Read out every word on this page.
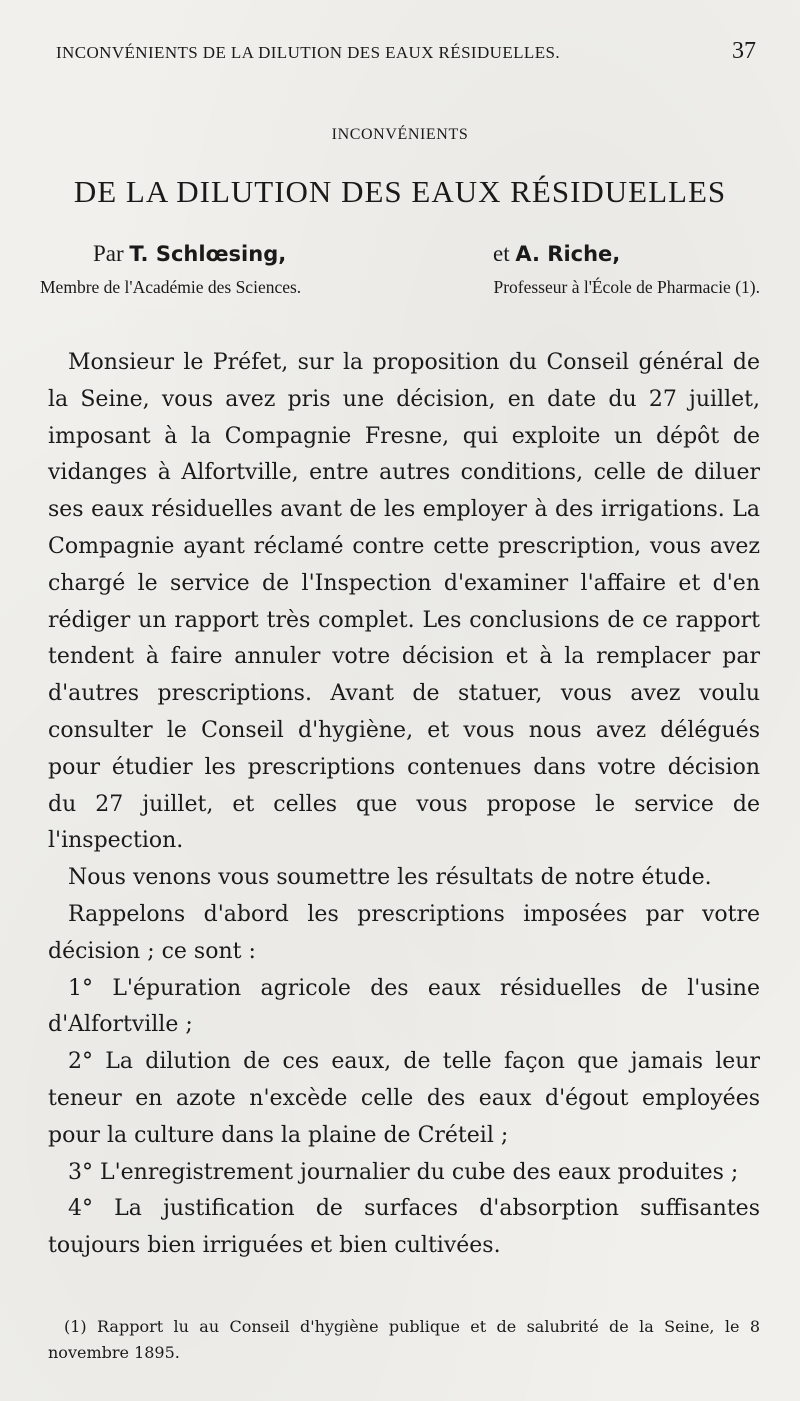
INCONVÉNIENTS DE LA DILUTION DES EAUX RÉSIDUELLES.	37
INCONVÉNIENTS
DE LA DILUTION DES EAUX RÉSIDUELLES
Par T. Schlœsing,	et A. Riche,
Membre de l'Académie des Sciences.	Professeur à l'École de Pharmacie (1).

Monsieur le Préfet, sur la proposition du Conseil général de la Seine, vous avez pris une décision, en date du 27 juillet, imposant à la Compagnie Fresne, qui exploite un dépôt de vidanges à Alfortville, entre autres conditions, celle de diluer ses eaux résiduelles avant de les employer à des irrigations. La Compagnie ayant réclamé contre cette prescription, vous avez chargé le service de l'Inspection d'examiner l'affaire et d'en rédiger un rapport très complet. Les conclusions de ce rapport tendent à faire annuler votre décision et à la remplacer par d'autres prescriptions. Avant de statuer, vous avez voulu consulter le Conseil d'hygiène, et vous nous avez délégués pour étudier les prescriptions contenues dans votre décision du 27 juillet, et celles que vous propose le service de l'inspection.

Nous venons vous soumettre les résultats de notre étude.

Rappelons d'abord les prescriptions imposées par votre décision ; ce sont :

1° L'épuration agricole des eaux résiduelles de l'usine d'Alfortville ;

2° La dilution de ces eaux, de telle façon que jamais leur teneur en azote n'excède celle des eaux d'égout employées pour la culture dans la plaine de Créteil ;

3° L'enregistrement journalier du cube des eaux produites ;

4° La justification de surfaces d'absorption suffisantes toujours bien irriguées et bien cultivées.

(1) Rapport lu au Conseil d'hygiène publique et de salubrité de la Seine, le 8 novembre 1895.
